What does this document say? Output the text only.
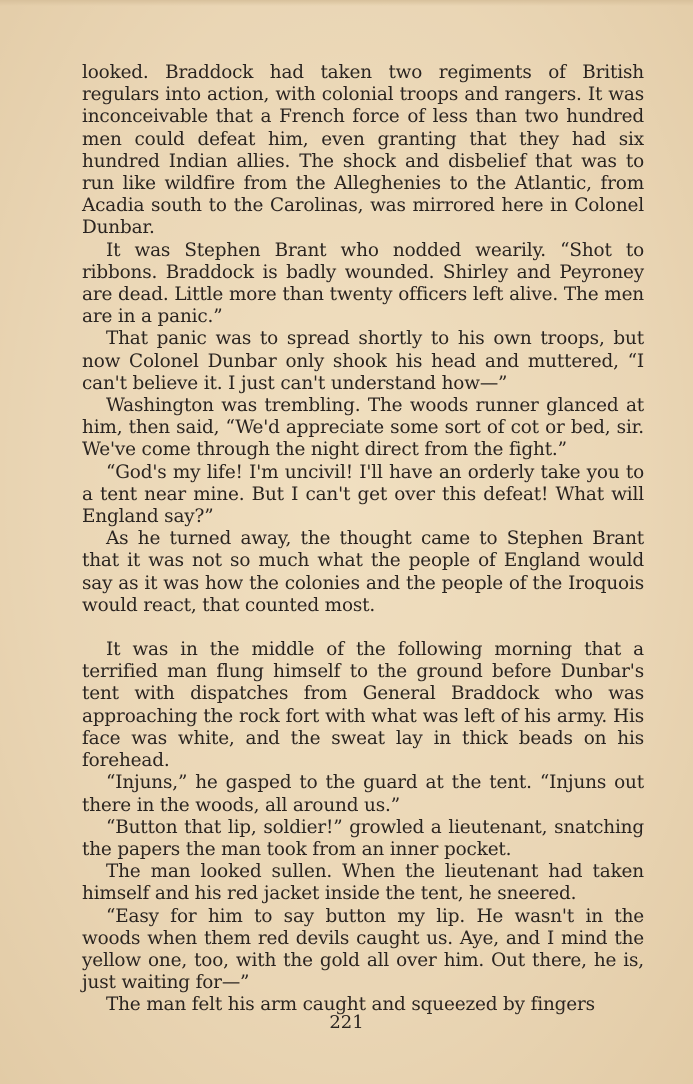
looked. Braddock had taken two regiments of British regulars into action, with colonial troops and rangers. It was inconceivable that a French force of less than two hundred men could defeat him, even granting that they had six hundred Indian allies. The shock and disbelief that was to run like wildfire from the Alleghenies to the Atlantic, from Acadia south to the Carolinas, was mirrored here in Colonel Dunbar.

It was Stephen Brant who nodded wearily. “Shot to ribbons. Braddock is badly wounded. Shirley and Peyroney are dead. Little more than twenty officers left alive. The men are in a panic.”

That panic was to spread shortly to his own troops, but now Colonel Dunbar only shook his head and muttered, “I can't believe it. I just can't understand how—”

Washington was trembling. The woods runner glanced at him, then said, “We'd appreciate some sort of cot or bed, sir. We've come through the night direct from the fight.”

“God's my life! I'm uncivil! I'll have an orderly take you to a tent near mine. But I can't get over this defeat! What will England say?”

As he turned away, the thought came to Stephen Brant that it was not so much what the people of England would say as it was how the colonies and the people of the Iroquois would react, that counted most.

It was in the middle of the following morning that a terrified man flung himself to the ground before Dunbar's tent with dispatches from General Braddock who was approaching the rock fort with what was left of his army. His face was white, and the sweat lay in thick beads on his forehead.

“Injuns,” he gasped to the guard at the tent. “Injuns out there in the woods, all around us.”

“Button that lip, soldier!” growled a lieutenant, snatching the papers the man took from an inner pocket.

The man looked sullen. When the lieutenant had taken himself and his red jacket inside the tent, he sneered.

“Easy for him to say button my lip. He wasn't in the woods when them red devils caught us. Aye, and I mind the yellow one, too, with the gold all over him. Out there, he is, just waiting for—”

The man felt his arm caught and squeezed by fingers

221
